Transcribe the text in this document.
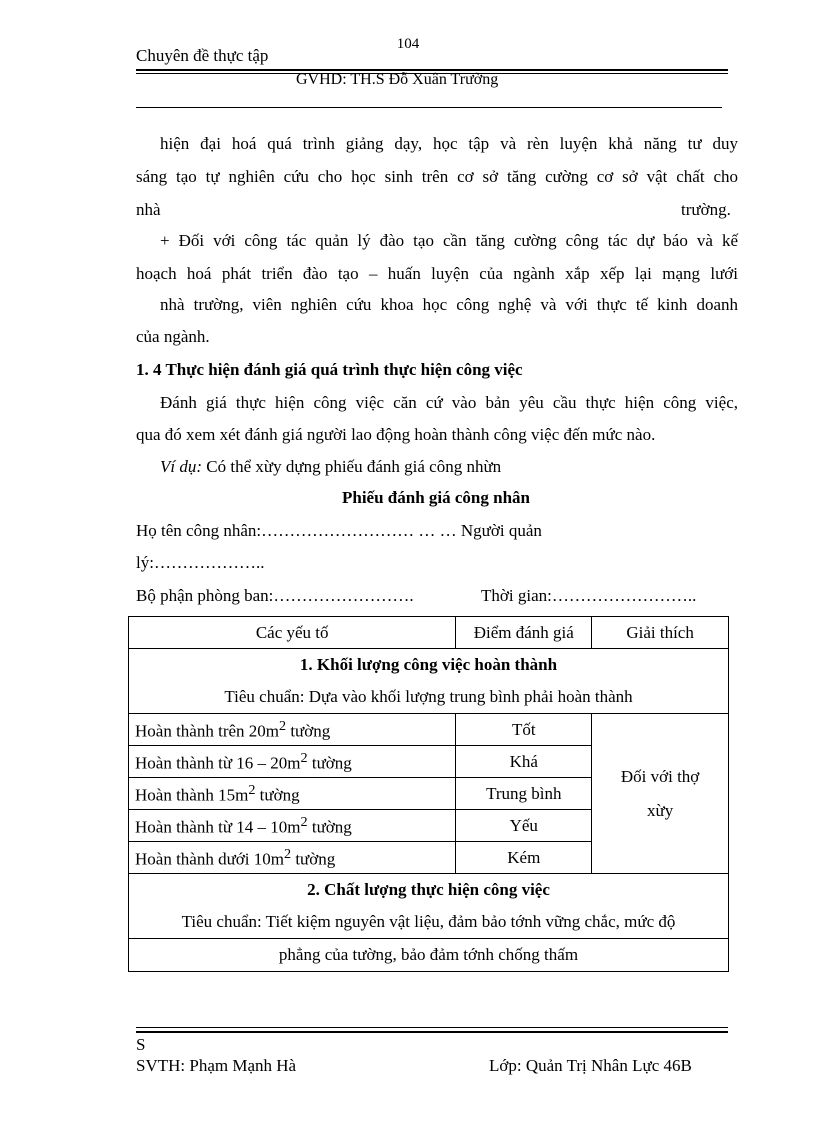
104
Chuyên đề thực tập
GVHD: TH.S Đỗ Xuân Trường
hiện đại hoá quá trình giảng dạy, học tập và rèn luyện khả năng tư duy
sáng tạo tự nghiên cứu cho học sinh trên cơ sở tăng cường cơ sở vật chất cho
nhà	trường.
+ Đối với công tác quản lý đào tạo cần tăng cường công tác dự báo và kế
hoạch hoá phát triển đào tạo – huấn luyện của ngành xắp xếp lại mạng lưới
nhà trường, viên nghiên cứu khoa học công nghệ và với thực tế kinh doanh
của ngành.
1. 4 Thực hiện đánh giá quá trình thực hiện công việc
Đánh giá thực hiện công việc căn cứ vào bản yêu cầu thực hiện công việc,
qua đó xem xét đánh giá người lao động hoàn thành công việc đến mức nào.
Ví dụ: Có thể xừy dựng phiếu đánh giá công nhừn
Phiếu đánh giá công nhân
Họ tên công nhân:……………………… … … Người quản
lý:………………..
Bộ phận phòng ban:…………………….	Thời gian:……………………..
Các yếu tố	Điểm đánh giá	Giải thích

1. Khối lượng công việc hoàn thành
Tiêu chuẩn: Dựa vào khối lượng trung bình phải hoàn thành		

Hoàn thành trên $20m^2$ tường	Tốt	Đối với thợ
xừy

Hoàn thành từ $16 - 20m^2$ tường	Khá	
Hoàn thành $15m^2$ tường	Trung bình	
Hoàn thành từ $14 - 10m^2$ tường	Yếu	
Hoàn thành dưới $10m^2$ tường	Kém	

2. Chất lượng thực hiện công việc
Tiêu chuẩn: Tiết kiệm nguyên vật liệu, đảm bảo tớnh vững chắc, mức độ		

phẳng của tường, bảo đảm tớnh chống thấm		
S
SVTH: Phạm Mạnh Hà	Lớp: Quản Trị Nhân Lực 46B
